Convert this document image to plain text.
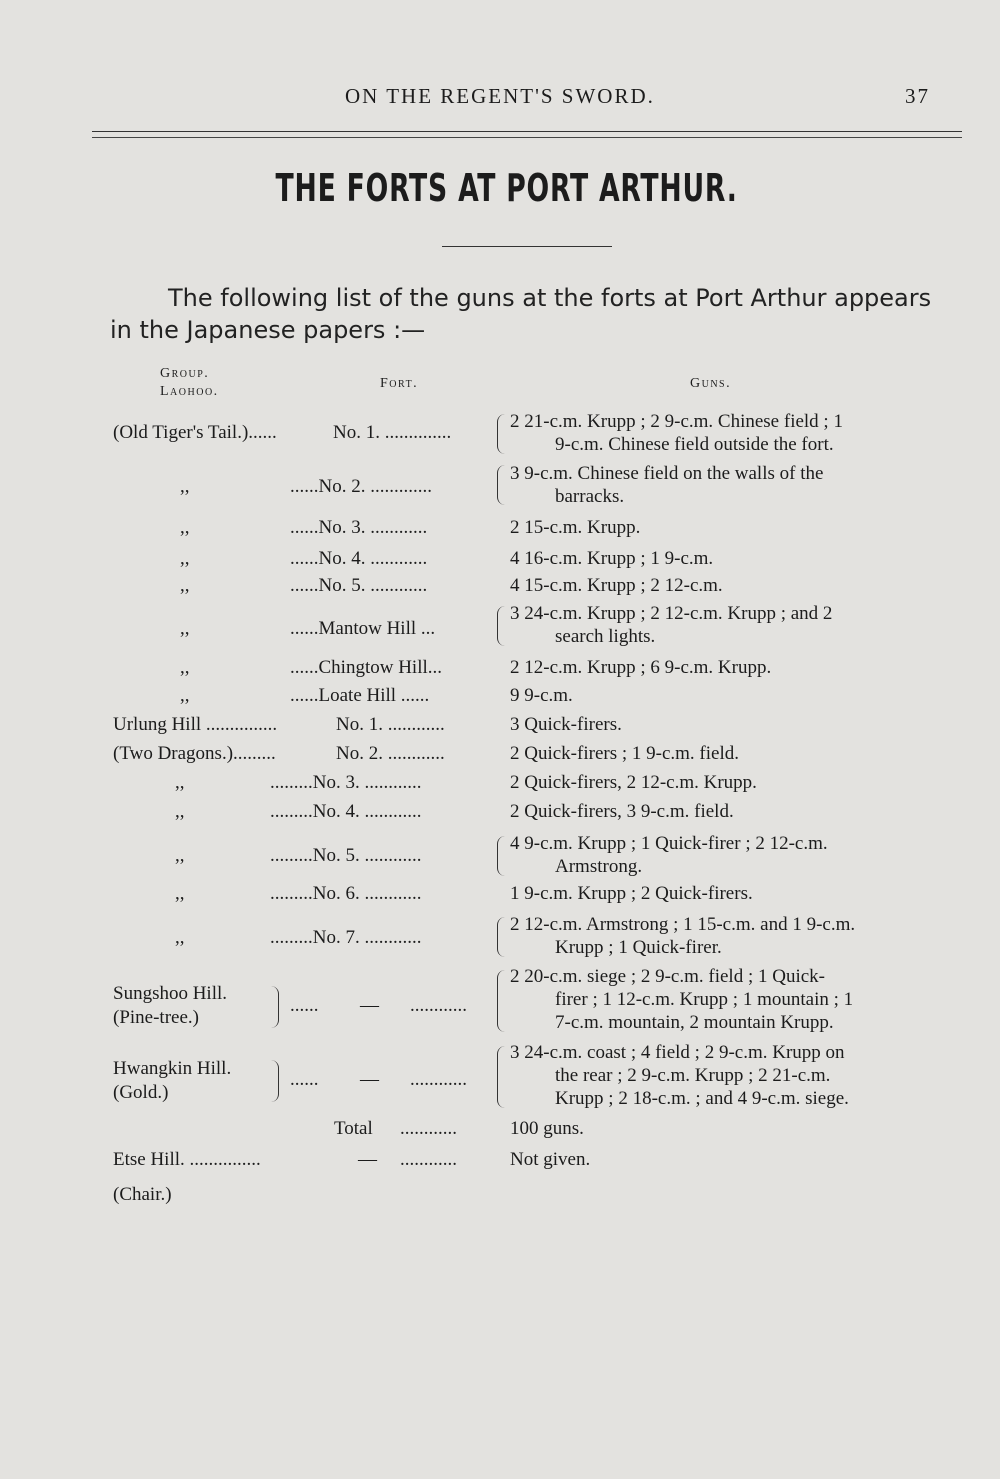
ON THE REGENT'S SWORD.	37
THE FORTS AT PORT ARTHUR.
The following list of the guns at the forts at Port Arthur appears in the Japanese papers :—
Group.
Laohoo.
Fort.	Guns.
(Old Tiger's Tail.)......	No. 1. ..............
2 21-c.m. Krupp ; 2 9-c.m. Chinese field ; 1
9-c.m. Chinese field outside the fort.
,,	......No. 2. .............
3 9-c.m. Chinese field on the walls of the
barracks.
,,	......No. 3. ............	2 15-c.m. Krupp.
,,	......No. 4. ............	4 16-c.m. Krupp ; 1 9-c.m.
,,	......No. 5. ............	4 15-c.m. Krupp ; 2 12-c.m.
,,	......Mantow Hill ...
3 24-c.m. Krupp ; 2 12-c.m. Krupp ; and 2
search lights.
,,	......Chingtow Hill...	2 12-c.m. Krupp ; 6 9-c.m. Krupp.
,,	......Loate Hill ......	9 9-c.m.
Urlung Hill ...............	No. 1. ............	3 Quick-firers.
(Two Dragons.).........	No. 2. ............	2 Quick-firers ; 1 9-c.m. field.
,,	.........No. 3. ............	2 Quick-firers, 2 12-c.m. Krupp.
,,	.........No. 4. ............	2 Quick-firers, 3 9-c.m. field.
,,	.........No. 5. ............
4 9-c.m. Krupp ; 1 Quick-firer ; 2 12-c.m.
Armstrong.
,,	.........No. 6. ............	1 9-c.m. Krupp ; 2 Quick-firers.
,,	.........No. 7. ............
2 12-c.m. Armstrong ; 1 15-c.m. and 1 9-c.m.
Krupp ; 1 Quick-firer.
Sungshoo Hill.
(Pine-tree.)
...... — ............
2 20-c.m. siege ; 2 9-c.m. field ; 1 Quick-
firer ; 1 12-c.m. Krupp ; 1 mountain ; 1
7-c.m. mountain, 2 mountain Krupp.
Hwangkin Hill.
(Gold.)
...... — ............
3 24-c.m. coast ; 4 field ; 2 9-c.m. Krupp on
the rear ; 2 9-c.m. Krupp ; 2 21-c.m.
Krupp ; 2 18-c.m. ; and 4 9-c.m. siege.
Total ............	100 guns.
Etse Hill. ...............	— ............	Not given.
(Chair.)
